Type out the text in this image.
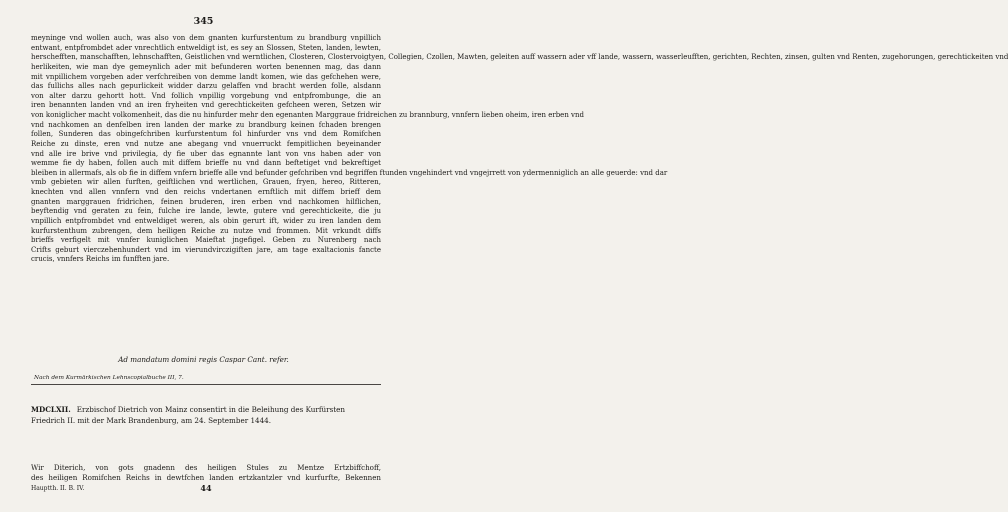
345
meyninge vnd wollen auch, was also von dem gnanten kurfurstentum zu brandburg vnpillich
entwant, entpfrombdet ader vnrechtlich entweldigt ist, es sey an Slossen, Steten, landen, lewten,
herschefften, manschafften, lehnschafften, Geistlichen vnd werntlichen, Closteren, Clostervoigtyen, Collegien, Czollen, Mawten, geleiten auff wassern ader vff lande, wassern, wasserleufften, gerichten, Rechten, zinsen, gulten vnd Renten, zugehorungen, gerechtickeiten vnd
herlikeiten, wie man dye gemeynlich ader mit befunderen worten benennen mag, das dann
mit vnpillichem vorgeben ader verfchreiben von demme landt komen, wie das gefchehen were,
das fullichs alles nach gepurlickeit widder darzu gelaffen vnd bracht werden folle, alsdann
von alter darzu gehortt hott. Vnd follich vnpillig vorgebung vnd entpfrombunge, die an
iren benannten landen vnd an iren fryheiten vnd gerechtickeiten gefcheen weren, Setzen wir
von koniglicher macht volkomenheit, das die nu hinfurder mehr den egenanten Marggraue fridreichen zu brannburg, vnnfern lieben oheim, iren erben vnd
vnd nachkomen an denfelben iren landen der marke zu brandburg keinen fchaden brengen
follen, Sunderen das obingefchriben kurfurstentum fol hinfurder vns vnd dem Romifchen
Reiche zu dinste, eren vnd nutze ane abegang vnd vnuerruckt fempitlichen beyeinander
vnd alle ire brive vnd privilegia, dy fie uber das egnannte lant von vns haben ader von
wemme fie dy haben, follen auch mit diffem brieffe nu vnd dann beftetiget vnd bekreftiget
bleiben in allermafs, als ob fie in diffem vnfern brieffe alle vnd befunder gefchriben vnd begriffen ftunden vngehindert vnd vngejrrett von ydermenniglich an alle geuerde: vnd dar
vmb gebieten wir allen furften, geiftlichen vnd wertlichen, Grauen, fryen, hereo, Ritteren,
knechten vnd allen vnnfern vnd den reichs vndertanen ernftlich mit diffem brieff dem
gnanten marggrauen fridrichen, feinen bruderen, iren erben vnd nachkomen hilflichen,
beyftendig vnd geraten zu fein, fulche ire lande, lewte, gutere vnd gerechtickeite, die ju
vnpillich entpfrombdet vnd entweldiget weren, als obin gerurt ift, wider zu iren landen dem
kurfurstenthum zubrengen, dem heiligen Reiche zu nutze vnd frommen. Mit vrkundt diffs
brieffs verfigelt mit vnnfer kuniglichen Maieftat jngefigel. Geben zu Nurenberg nach
Crifts geburt vierczehenhundert vnd im vierundvirczigiften jare, am tage exaltacionis fancte
crucis, vnnfers Reichs im funfften jare.
Ad mandatum domini regis Caspar Cant. refer.
Nach dem Kurmärkischen Lehnscopialbuche III, 7.
MDCLXII. Erzbischof Dietrich von Mainz consentirt in die Beleihung des Kurfürsten Friedrich II. mit der Mark Brandenburg, am 24. September 1444.
Wir Diterich, von gots gnadenn des heiligen Stules zu Mentze Ertzbiffchoff,
des heiligen Romifchen Reichs in dewtfchen landen ertzkantzler vnd kurfurfte, Bekennen
Hauptth. II. B. IV.	44
